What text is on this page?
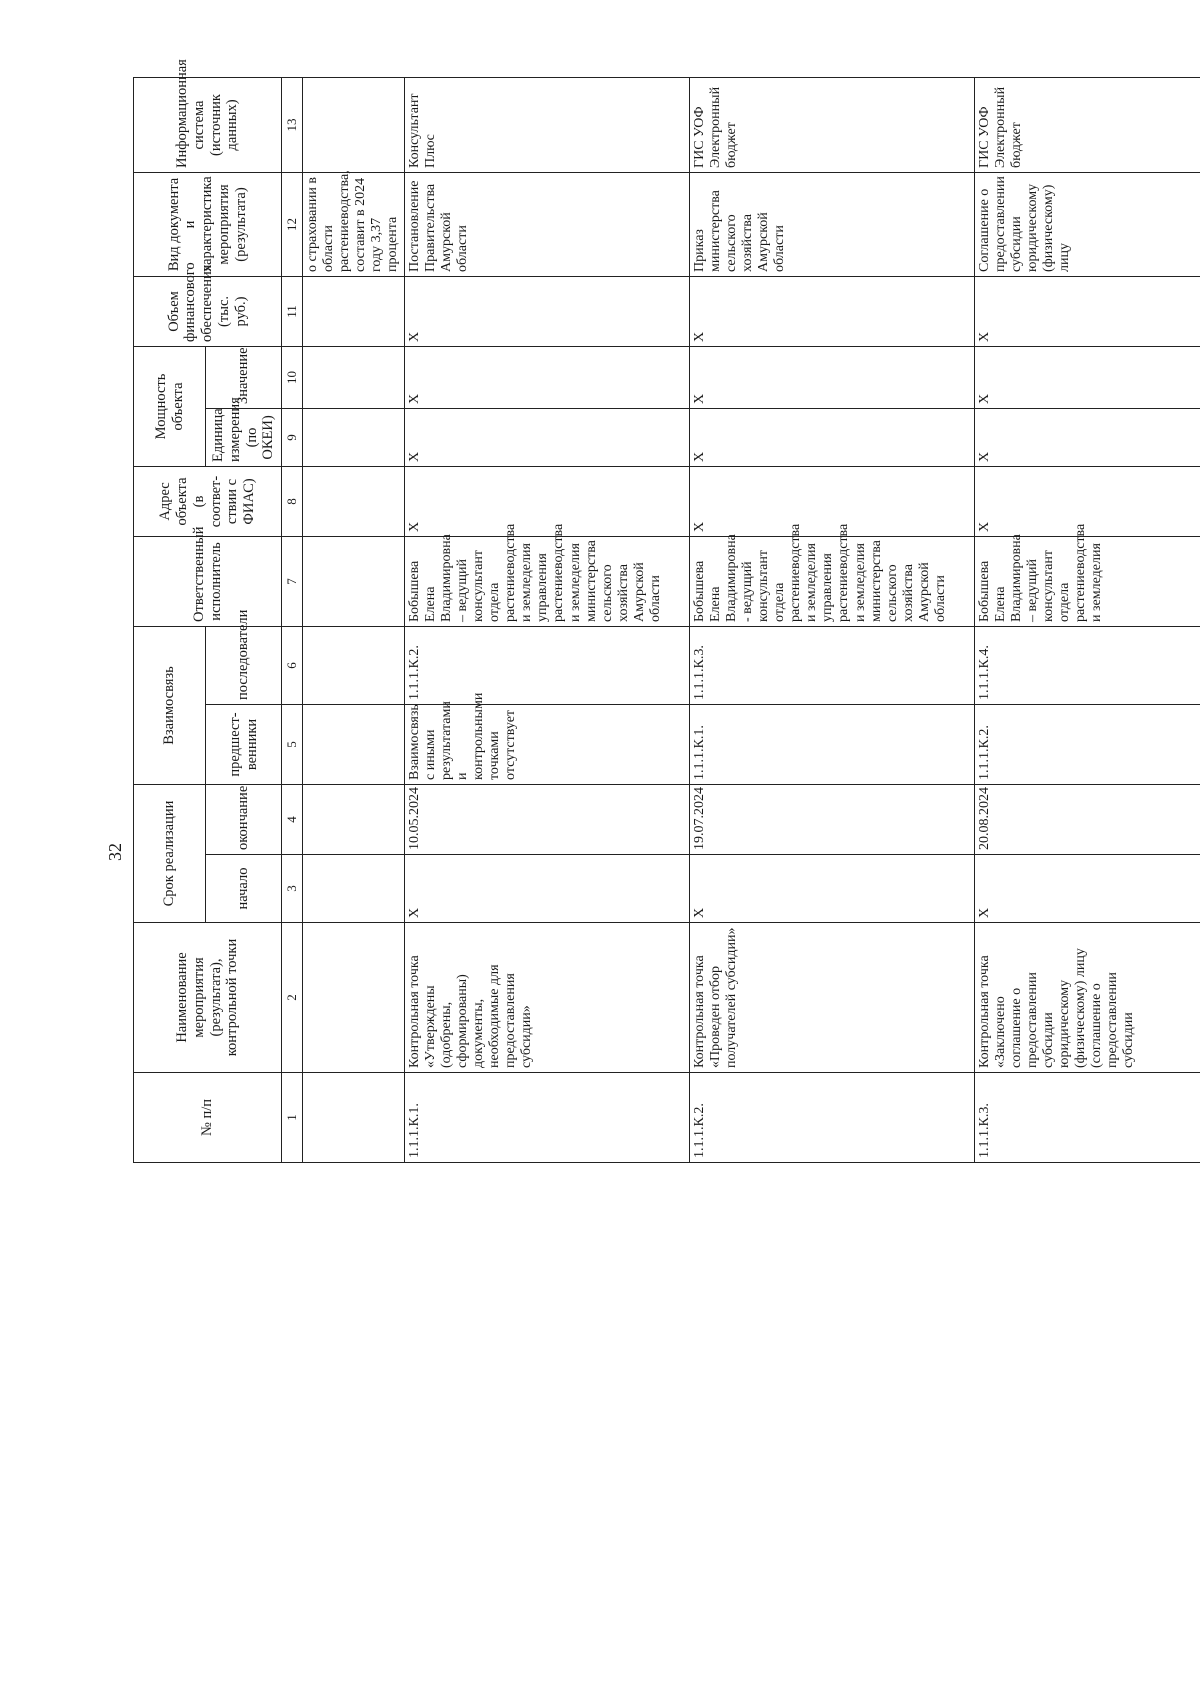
32
№ п/п	Наименование мероприятия (результата), контрольной точки	Срок реализации		Взаимосвязь		Ответственный исполнитель	Адрес объекта (в соответ-ствии с ФИАС)	Мощность объекта		Объем финансового обеспечения (тыс. руб.)	Вид документа и характеристика мероприятия (результата)	Информационная система (источник данных)
		начало	окончание	предшест-венники	последователи			Единица измерения (по ОКЕИ)	Значение			
1	2	3	4	5	6	7	8	9	10	11	12	13
											о страховании в области растениеводства, составит в 2024 году 3,37 процента	
1.1.1.К.1.	Контрольная точка «Утверждены (одобрены, сформированы) документы, необходимые для предоставления субсидии»	X	10.05.2024	Взаимосвязь с иными результатами и контрольными точками отсутствует	1.1.1.К.2.	Бобышева Елена Владимировна – ведущий консультант отдела растениеводства и земледелия управления растениеводства и земледелия министерства сельского хозяйства Амурской области	X	X	X	X	Постановление Правительства Амурской области	Консультант Плюс
1.1.1.К.2.	Контрольная точка «Проведен отбор получателей субсидии»	X	19.07.2024	1.1.1.К.1.	1.1.1.К.3.	Бобышева Елена Владимировна - ведущий консультант отдела растениеводства и земледелия управления растениеводства и земледелия министерства сельского хозяйства Амурской области	X	X	X	X	Приказ министерства сельского хозяйства Амурской области	ГИС УОФ Электронный бюджет
1.1.1.К.3.	Контрольная точка «Заключено соглашение о предоставлении субсидии юридическому (физическому) лицу (соглашение о предоставлении субсидии	X	20.08.2024	1.1.1.К.2.	1.1.1.К.4.	Бобышева Елена Владимировна – ведущий консультант отдела растениеводства и земледелия	X	X	X	X	Соглашение о предоставлении субсидии юридическому (физическому) лицу	ГИС УОФ Электронный бюджет
